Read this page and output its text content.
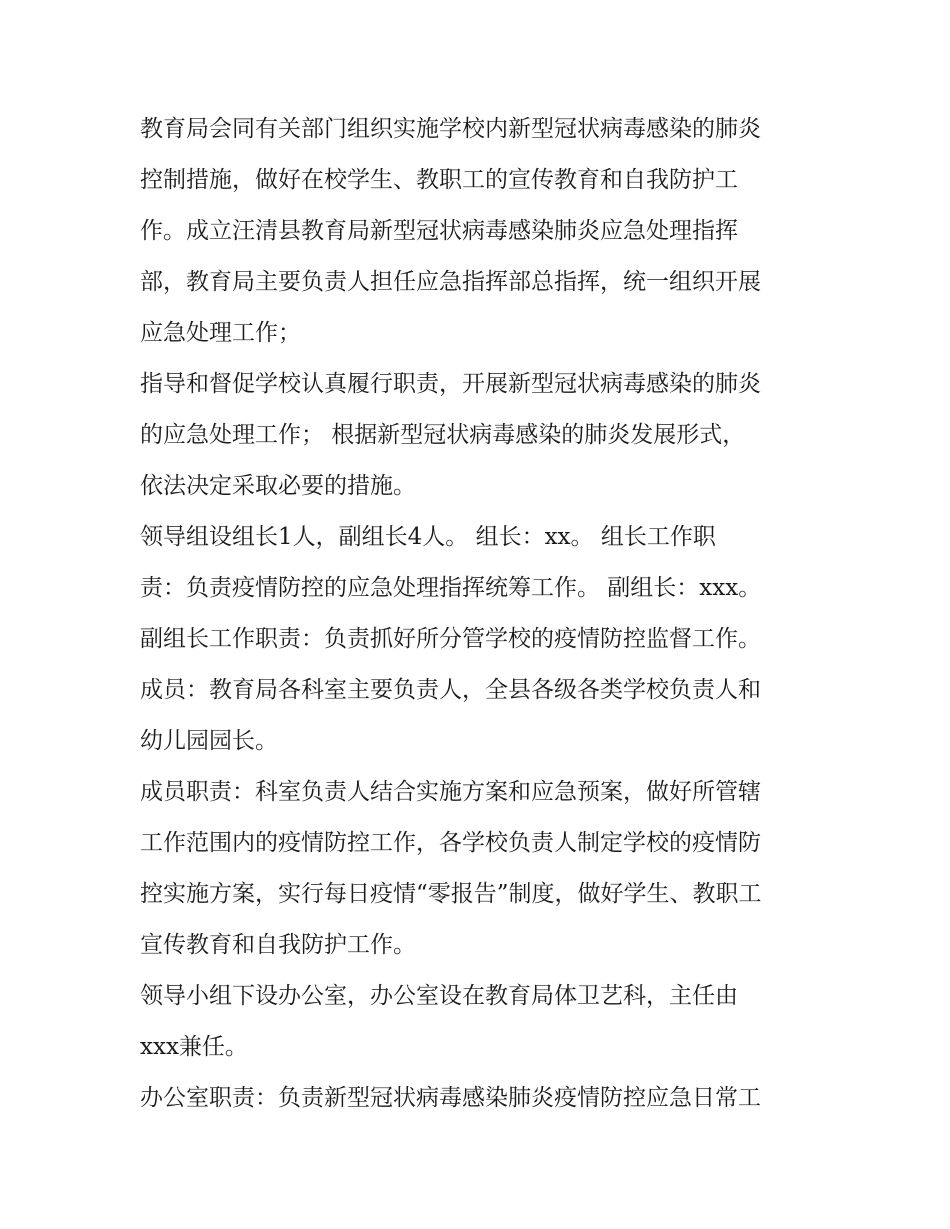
教育局会同有关部门组织实施学校内新型冠状病毒感染的肺炎
控制措施，做好在校学生、教职工的宣传教育和自我防护工
作。成立汪清县教育局新型冠状病毒感染肺炎应急处理指挥
部，教育局主要负责人担任应急指挥部总指挥，统一组织开展
应急处理工作；
指导和督促学校认真履行职责，开展新型冠状病毒感染的肺炎
的应急处理工作； 根据新型冠状病毒感染的肺炎发展形式，
依法决定采取必要的措施。
领导组设组长1人，副组长4人。 组长：xx。 组长工作职
责：负责疫情防控的应急处理指挥统筹工作。 副组长：xxx。
副组长工作职责：负责抓好所分管学校的疫情防控监督工作。
成员：教育局各科室主要负责人，全县各级各类学校负责人和
幼儿园园长。
成员职责：科室负责人结合实施方案和应急预案，做好所管辖
工作范围内的疫情防控工作，各学校负责人制定学校的疫情防
控实施方案，实行每日疫情“零报告”制度，做好学生、教职工
宣传教育和自我防护工作。
领导小组下设办公室，办公室设在教育局体卫艺科，主任由
xxx兼任。
办公室职责：负责新型冠状病毒感染肺炎疫情防控应急日常工
